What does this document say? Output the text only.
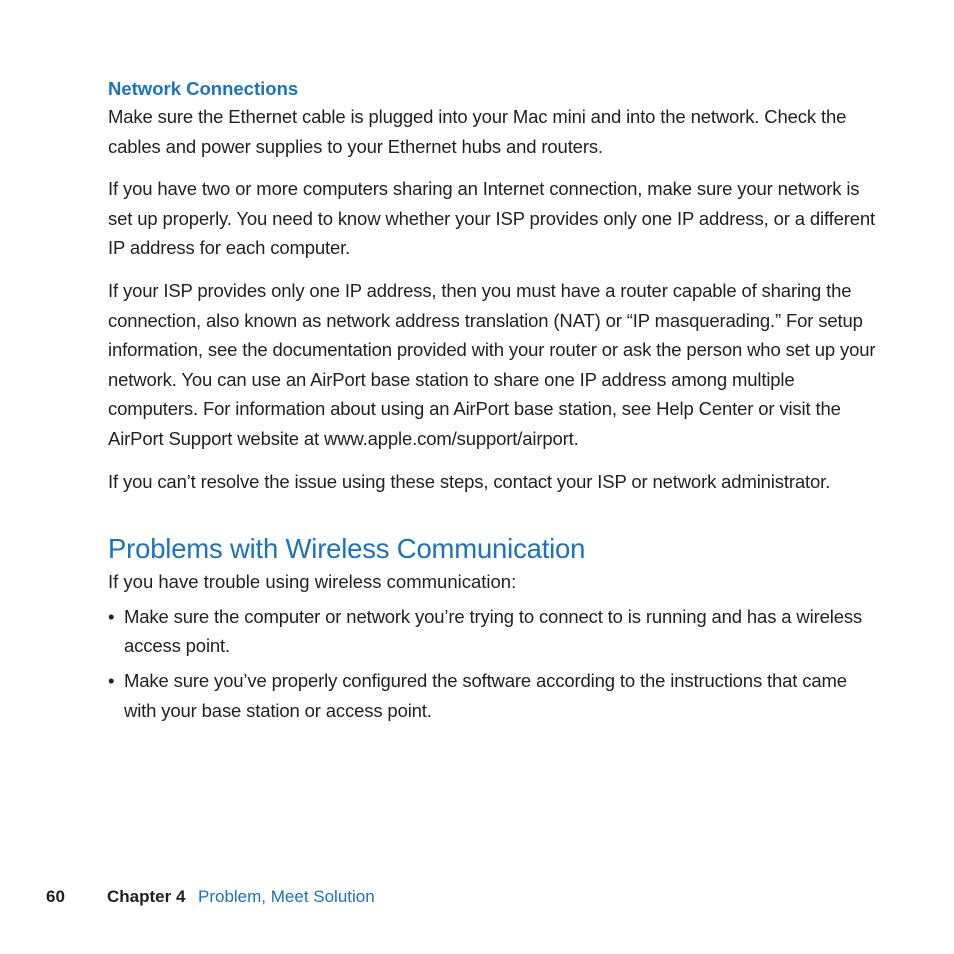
Network Connections

Make sure the Ethernet cable is plugged into your Mac mini and into the network. Check the cables and power supplies to your Ethernet hubs and routers.

If you have two or more computers sharing an Internet connection, make sure your network is set up properly. You need to know whether your ISP provides only one IP address, or a different IP address for each computer.

If your ISP provides only one IP address, then you must have a router capable of sharing the connection, also known as network address translation (NAT) or “IP masquerading.” For setup information, see the documentation provided with your router or ask the person who set up your network. You can use an AirPort base station to share one IP address among multiple computers. For information about using an AirPort base station, see Help Center or visit the AirPort Support website at www.apple.com/support/airport.

If you can’t resolve the issue using these steps, contact your ISP or network administrator.

Problems with Wireless Communication

If you have trouble using wireless communication:

• Make sure the computer or network you’re trying to connect to is running and has a wireless access point.
• Make sure you’ve properly configured the software according to the instructions that came with your base station or access point.
60 Chapter 4 Problem, Meet Solution
